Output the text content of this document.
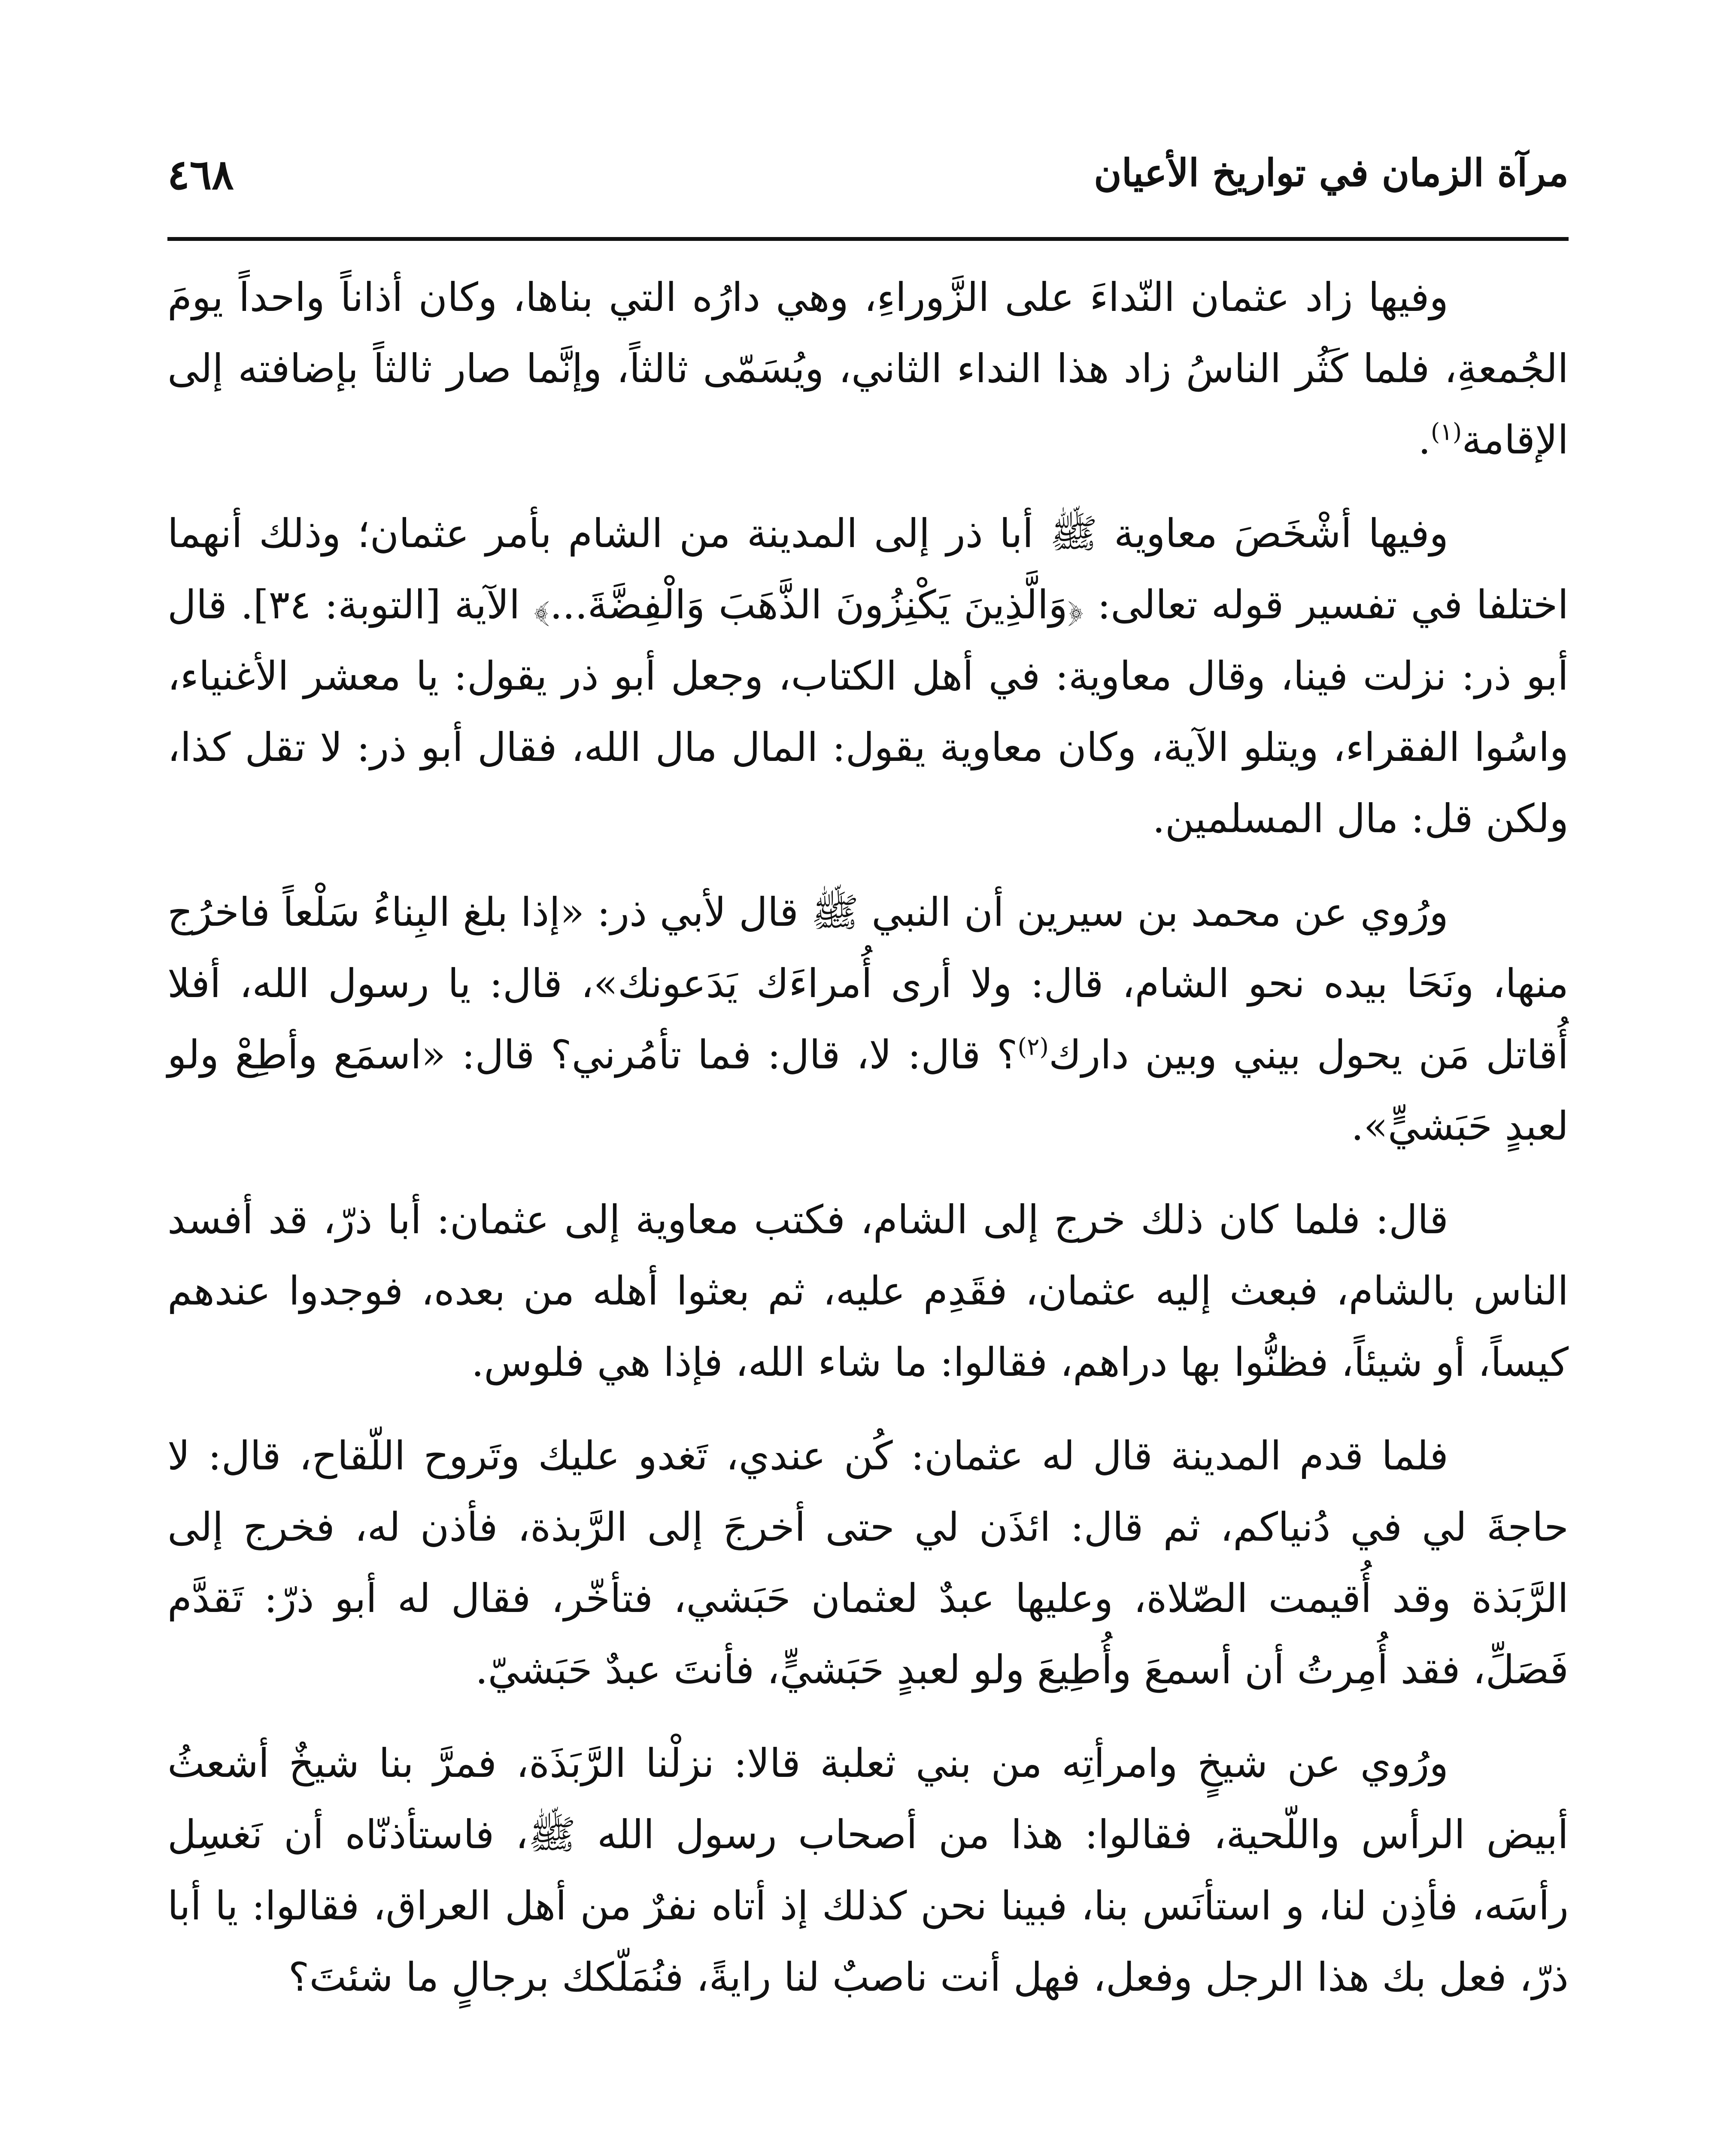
مرآة الزمان في تواريخ الأعيان
٤٦٨

وفيها زاد عثمان النّداءَ على الزَّوراءِ، وهي دارُه التي بناها، وكان أذاناً واحداً يومَ الجُمعةِ، فلما كَثُر الناسُ زاد هذا النداء الثاني، ويُسَمّى ثالثاً، وإنَّما صار ثالثاً بإضافته إلى الإقامة$^{(١)}$.

وفيها أشْخَصَ معاوية ﷺ أبا ذر إلى المدينة من الشام بأمر عثمان؛ وذلك أنهما اختلفا في تفسير قوله تعالى: ﴿وَالَّذِينَ يَكْنِزُونَ الذَّهَبَ وَالْفِضَّةَ...﴾ الآية [التوبة: ٣٤]. قال أبو ذر: نزلت فينا، وقال معاوية: في أهل الكتاب، وجعل أبو ذر يقول: يا معشر الأغنياء، واسُوا الفقراء، ويتلو الآية، وكان معاوية يقول: المال مال الله، فقال أبو ذر: لا تقل كذا، ولكن قل: مال المسلمين.

ورُوي عن محمد بن سيرين أن النبي ﷺ قال لأبي ذر: «إذا بلغ البِناءُ سَلْعاً فاخرُج منها، ونَحَا بيده نحو الشام، قال: ولا أرى أُمراءَك يَدَعونك»، قال: يا رسول الله، أفلا أُقاتل مَن يحول بيني وبين دارك$^{(٢)}$؟ قال: لا، قال: فما تأمُرني؟ قال: «اسمَع وأطِعْ ولو لعبدٍ حَبَشيٍّ».

قال: فلما كان ذلك خرج إلى الشام، فكتب معاوية إلى عثمان: أبا ذرّ، قد أفسد الناس بالشام، فبعث إليه عثمان، فقَدِم عليه، ثم بعثوا أهله من بعده، فوجدوا عندهم كيساً، أو شيئاً، فظنُّوا بها دراهم، فقالوا: ما شاء الله، فإذا هي فلوس.

فلما قدم المدينة قال له عثمان: كُن عندي، تَغدو عليك وتَروح اللّقاح، قال: لا حاجةَ لي في دُنياكم، ثم قال: ائذَن لي حتى أخرجَ إلى الرَّبذة، فأذن له، فخرج إلى الرَّبَذة وقد أُقيمت الصّلاة، وعليها عبدٌ لعثمان حَبَشي، فتأخّر، فقال له أبو ذرّ: تَقدَّم فَصَلِّ، فقد أُمِرتُ أن أسمعَ وأُطِيعَ ولو لعبدٍ حَبَشيٍّ، فأنتَ عبدٌ حَبَشيّ.

ورُوي عن شيخٍ وامرأتِه من بني ثعلبة قالا: نزلْنا الرَّبَذَة، فمرَّ بنا شيخٌ أشعثُ أبيض الرأس واللّحية، فقالوا: هذا من أصحاب رسول الله ﷺ، فاستأذنّاه أن نَغسِل رأسَه، فأذِن لنا، و استأنَس بنا، فبينا نحن كذلك إذ أتاه نفرٌ من أهل العراق، فقالوا: يا أبا ذرّ، فعل بك هذا الرجل وفعل، فهل أنت ناصبٌ لنا رايةً، فنُمَلّكك برجالٍ ما شئتَ؟
